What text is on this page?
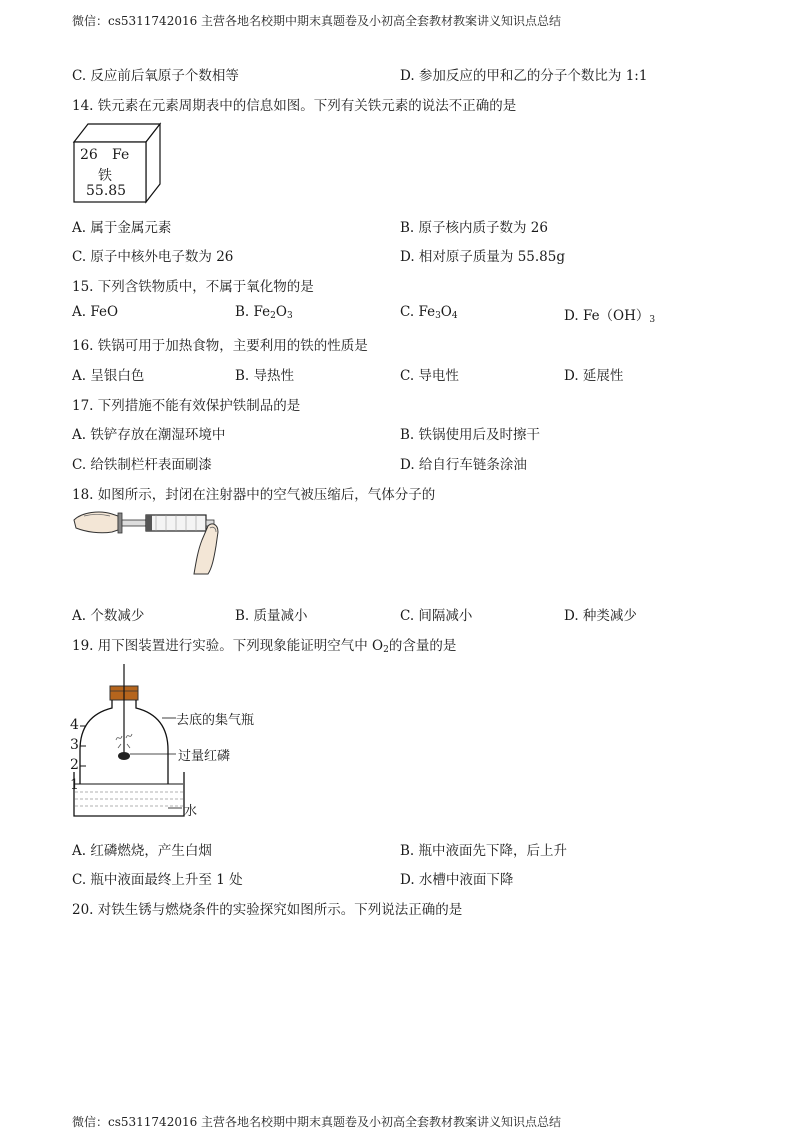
微信：cs5311742016 主营各地名校期中期末真题卷及小初高全套教材教案讲义知识点总结
微信：cs5311742016 主营各地名校期中期末真题卷及小初高全套教材教案讲义知识点总结
C. 反应前后氧原子个数相等	D. 参加反应的甲和乙的分子个数比为 1:1
14. 铁元素在元素周期表中的信息如图。下列有关铁元素的说法不正确的是
26 Fe
铁
55.85
A. 属于金属元素	B. 原子核内质子数为 26
C. 原子中核外电子数为 26	D. 相对原子质量为 55.85g
15. 下列含铁物质中，不属于氧化物的是
A. FeO	B. $Fe_2O_3$	C. $Fe_3O_4$	D. $Fe(OH)_3$
16. 铁锅可用于加热食物，主要利用的铁的性质是
A. 呈银白色	B. 导热性	C. 导电性	D. 延展性
17. 下列措施不能有效保护铁制品的是
A. 铁铲存放在潮湿环境中	B. 铁锅使用后及时擦干
C. 给铁制栏杆表面刷漆	D. 给自行车链条涂油
18. 如图所示，封闭在注射器中的空气被压缩后，气体分子的
A. 个数减少	B. 质量减小	C. 间隔减小	D. 种类减少
19. 用下图装置进行实验。下列现象能证明空气中 $O_2$的含量的是
4
3
2
1
去底的集气瓶
过量红磷
水
A. 红磷燃烧，产生白烟	B. 瓶中液面先下降，后上升
C. 瓶中液面最终上升至 1 处	D. 水槽中液面下降
20. 对铁生锈与燃烧条件的实验探究如图所示。下列说法正确的是
